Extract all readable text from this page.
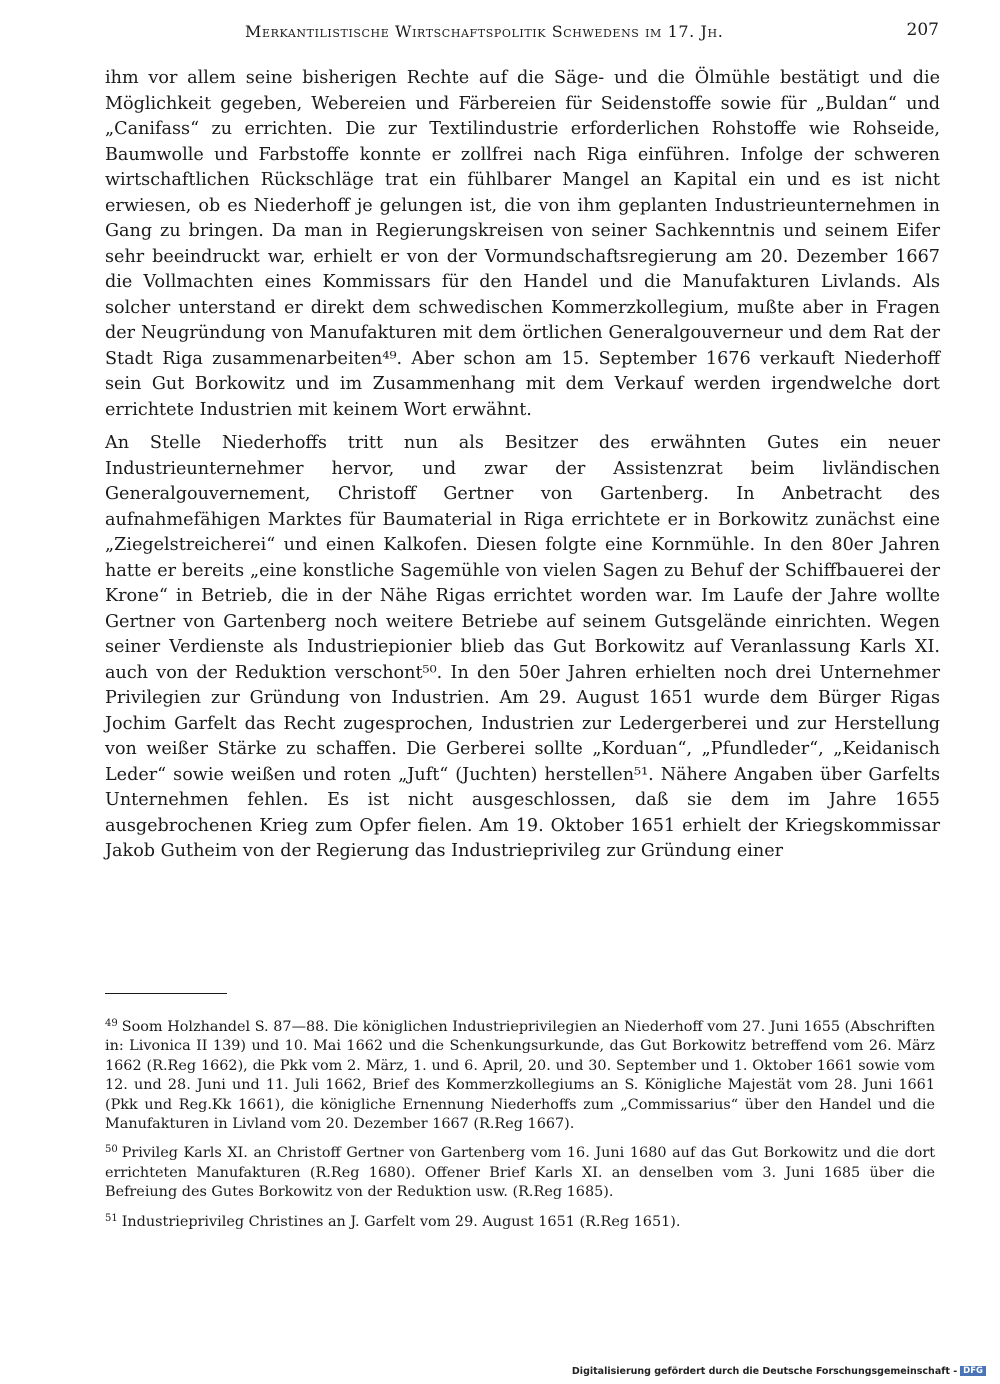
Merkantilistische Wirtschaftspolitik Schwedens im 17. Jh.	207

ihm vor allem seine bisherigen Rechte auf die Säge- und die Ölmühle bestätigt und die Möglichkeit gegeben, Webereien und Färbereien für Seidenstoffe sowie für „Buldan“ und „Canifass“ zu errichten. Die zur Textilindustrie erforderlichen Rohstoffe wie Rohseide, Baumwolle und Farbstoffe konnte er zollfrei nach Riga einführen. Infolge der schweren wirtschaftlichen Rückschläge trat ein fühlbarer Mangel an Kapital ein und es ist nicht erwiesen, ob es Niederhoff je gelungen ist, die von ihm geplanten Industrieunternehmen in Gang zu bringen. Da man in Regierungskreisen von seiner Sachkenntnis und seinem Eifer sehr beeindruckt war, erhielt er von der Vormundschaftsregierung am 20. Dezember 1667 die Vollmachten eines Kommissars für den Handel und die Manufakturen Livlands. Als solcher unterstand er direkt dem schwedischen Kommerzkollegium, mußte aber in Fragen der Neugründung von Manufakturen mit dem örtlichen Generalgouverneur und dem Rat der Stadt Riga zusammenarbeiten⁴⁹. Aber schon am 15. September 1676 verkauft Niederhoff sein Gut Borkowitz und im Zusammenhang mit dem Verkauf werden irgendwelche dort errichtete Industrien mit keinem Wort erwähnt.

An Stelle Niederhoffs tritt nun als Besitzer des erwähnten Gutes ein neuer Industrieunternehmer hervor, und zwar der Assistenzrat beim livländischen Generalgouvernement, Christoff Gertner von Gartenberg. In Anbetracht des aufnahmefähigen Marktes für Baumaterial in Riga errichtete er in Borkowitz zunächst eine „Ziegelstreicherei“ und einen Kalkofen. Diesen folgte eine Kornmühle. In den 80er Jahren hatte er bereits „eine konstliche Sagemühle von vielen Sagen zu Behuf der Schiffbauerei der Krone“ in Betrieb, die in der Nähe Rigas errichtet worden war. Im Laufe der Jahre wollte Gertner von Gartenberg noch weitere Betriebe auf seinem Gutsgelände einrichten. Wegen seiner Verdienste als Industriepionier blieb das Gut Borkowitz auf Veranlassung Karls XI. auch von der Reduktion verschont⁵⁰. In den 50er Jahren erhielten noch drei Unternehmer Privilegien zur Gründung von Industrien. Am 29. August 1651 wurde dem Bürger Rigas Jochim Garfelt das Recht zugesprochen, Industrien zur Ledergerberei und zur Herstellung von weißer Stärke zu schaffen. Die Gerberei sollte „Korduan“, „Pfundleder“, „Keidanisch Leder“ sowie weißen und roten „Juft“ (Juchten) herstellen⁵¹. Nähere Angaben über Garfelts Unternehmen fehlen. Es ist nicht ausgeschlossen, daß sie dem im Jahre 1655 ausgebrochenen Krieg zum Opfer fielen. Am 19. Oktober 1651 erhielt der Kriegskommissar Jakob Gutheim von der Regierung das Industrieprivileg zur Gründung einer

$^{49}$ Soom Holzhandel S. 87—88. Die königlichen Industrieprivilegien an Niederhoff vom 27. Juni 1655 (Abschriften in: Livonica II 139) und 10. Mai 1662 und die Schenkungsurkunde, das Gut Borkowitz betreffend vom 26. März 1662 (R.Reg 1662), die Pkk vom 2. März, 1. und 6. April, 20. und 30. September und 1. Oktober 1661 sowie vom 12. und 28. Juni und 11. Juli 1662, Brief des Kommerzkollegiums an S. Königliche Majestät vom 28. Juni 1661 (Pkk und Reg.Kk 1661), die königliche Ernennung Niederhoffs zum „Commissarius“ über den Handel und die Manufakturen in Livland vom 20. Dezember 1667 (R.Reg 1667).

$^{50}$ Privileg Karls XI. an Christoff Gertner von Gartenberg vom 16. Juni 1680 auf das Gut Borkowitz und die dort errichteten Manufakturen (R.Reg 1680). Offener Brief Karls XI. an denselben vom 3. Juni 1685 über die Befreiung des Gutes Borkowitz von der Reduktion usw. (R.Reg 1685).

$^{51}$ Industrieprivileg Christines an J. Garfelt vom 29. August 1651 (R.Reg 1651).

Digitalisierung gefördert durch die Deutsche Forschungsgemeinschaft - DFG
